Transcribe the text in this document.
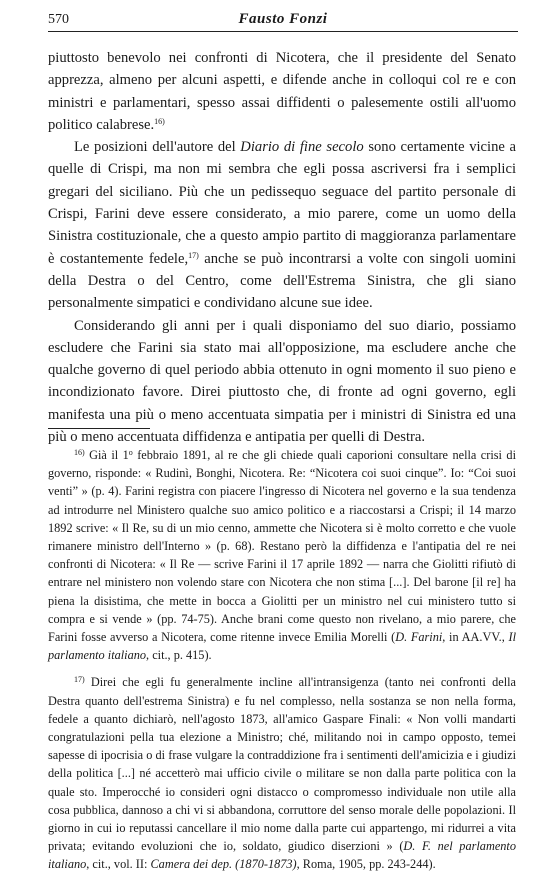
570	Fausto Fonzi

piuttosto benevolo nei confronti di Nicotera, che il presidente del Senato apprezza, almeno per alcuni aspetti, e difende anche in colloqui col re e con ministri e parlamentari, spesso assai diffidenti o palesemente ostili all'uomo politico calabrese.$^{16)}$

Le posizioni dell'autore del Diario di fine secolo sono certamente vicine a quelle di Crispi, ma non mi sembra che egli possa ascriversi fra i semplici gregari del siciliano. Più che un pedissequo seguace del partito personale di Crispi, Farini deve essere considerato, a mio parere, come un uomo della Sinistra costituzionale, che a questo ampio partito di maggioranza parlamentare è costantemente fedele,$^{17)}$ anche se può incontrarsi a volte con singoli uomini della Destra o del Centro, come dell'Estrema Sinistra, che gli siano personalmente simpatici e condividano alcune sue idee.

Considerando gli anni per i quali disponiamo del suo diario, possiamo escludere che Farini sia stato mai all'opposizione, ma escludere anche che qualche governo di quel periodo abbia ottenuto in ogni momento il suo pieno e incondizionato favore. Direi piuttosto che, di fronte ad ogni governo, egli manifesta una più o meno accentuata simpatia per i ministri di Sinistra ed una più o meno accentuata diffidenza e antipatia per quelli di Destra.

$^{16)}$ Già il 1$^o$ febbraio 1891, al re che gli chiede quali caporioni consultare nella crisi di governo, risponde: « Rudinì, Bonghi, Nicotera. Re: “Nicotera coi suoi cinque”. Io: “Coi suoi venti” » (p. 4). Farini registra con piacere l'ingresso di Nicotera nel governo e la sua tendenza ad introdurre nel Ministero qualche suo amico politico e a riaccostarsi a Crispi; il 14 marzo 1892 scrive: « Il Re, su di un mio cenno, ammette che Nicotera si è molto corretto e che vuole rimanere ministro dell'Interno » (p. 68). Restano però la diffidenza e l'antipatia del re nei confronti di Nicotera: « Il Re — scrive Farini il 17 aprile 1892 — narra che Giolitti rifiutò di entrare nel ministero non volendo stare con Nicotera che non stima [...]. Del barone [il re] ha piena la disistima, che mette in bocca a Giolitti per un ministro nel cui ministero tutto si compra e si vende » (pp. 74-75). Anche brani come questo non rivelano, a mio parere, che Farini fosse avverso a Nicotera, come ritenne invece Emilia Morelli (D. Farini, in AA.VV., Il parlamento italiano, cit., p. 415).

$^{17)}$ Direi che egli fu generalmente incline all'intransigenza (tanto nei confronti della Destra quanto dell'estrema Sinistra) e fu nel complesso, nella sostanza se non nella forma, fedele a quanto dichiarò, nell'agosto 1873, all'amico Gaspare Finali: « Non volli mandarti congratulazioni pella tua elezione a Ministro; ché, militando noi in campo opposto, temei sapesse di ipocrisia o di frase vulgare la contraddizione fra i sentimenti dell'amicizia e i giudizi della politica [...] né accetterò mai ufficio civile o militare se non dalla parte politica con la quale sto. Imperocché io consideri ogni distacco o compromesso individuale non utile alla cosa pubblica, dannoso a chi vi si abbandona, corruttore del senso morale delle popolazioni. Il giorno in cui io reputassi cancellare il mio nome dalla parte cui appartengo, mi ridurrei a vita privata; evitando evoluzioni che io, soldato, giudico diserzioni » (D. F. nel parlamento italiano, cit., vol. II: Camera dei dep. (1870-1873), Roma, 1905, pp. 243-244).
